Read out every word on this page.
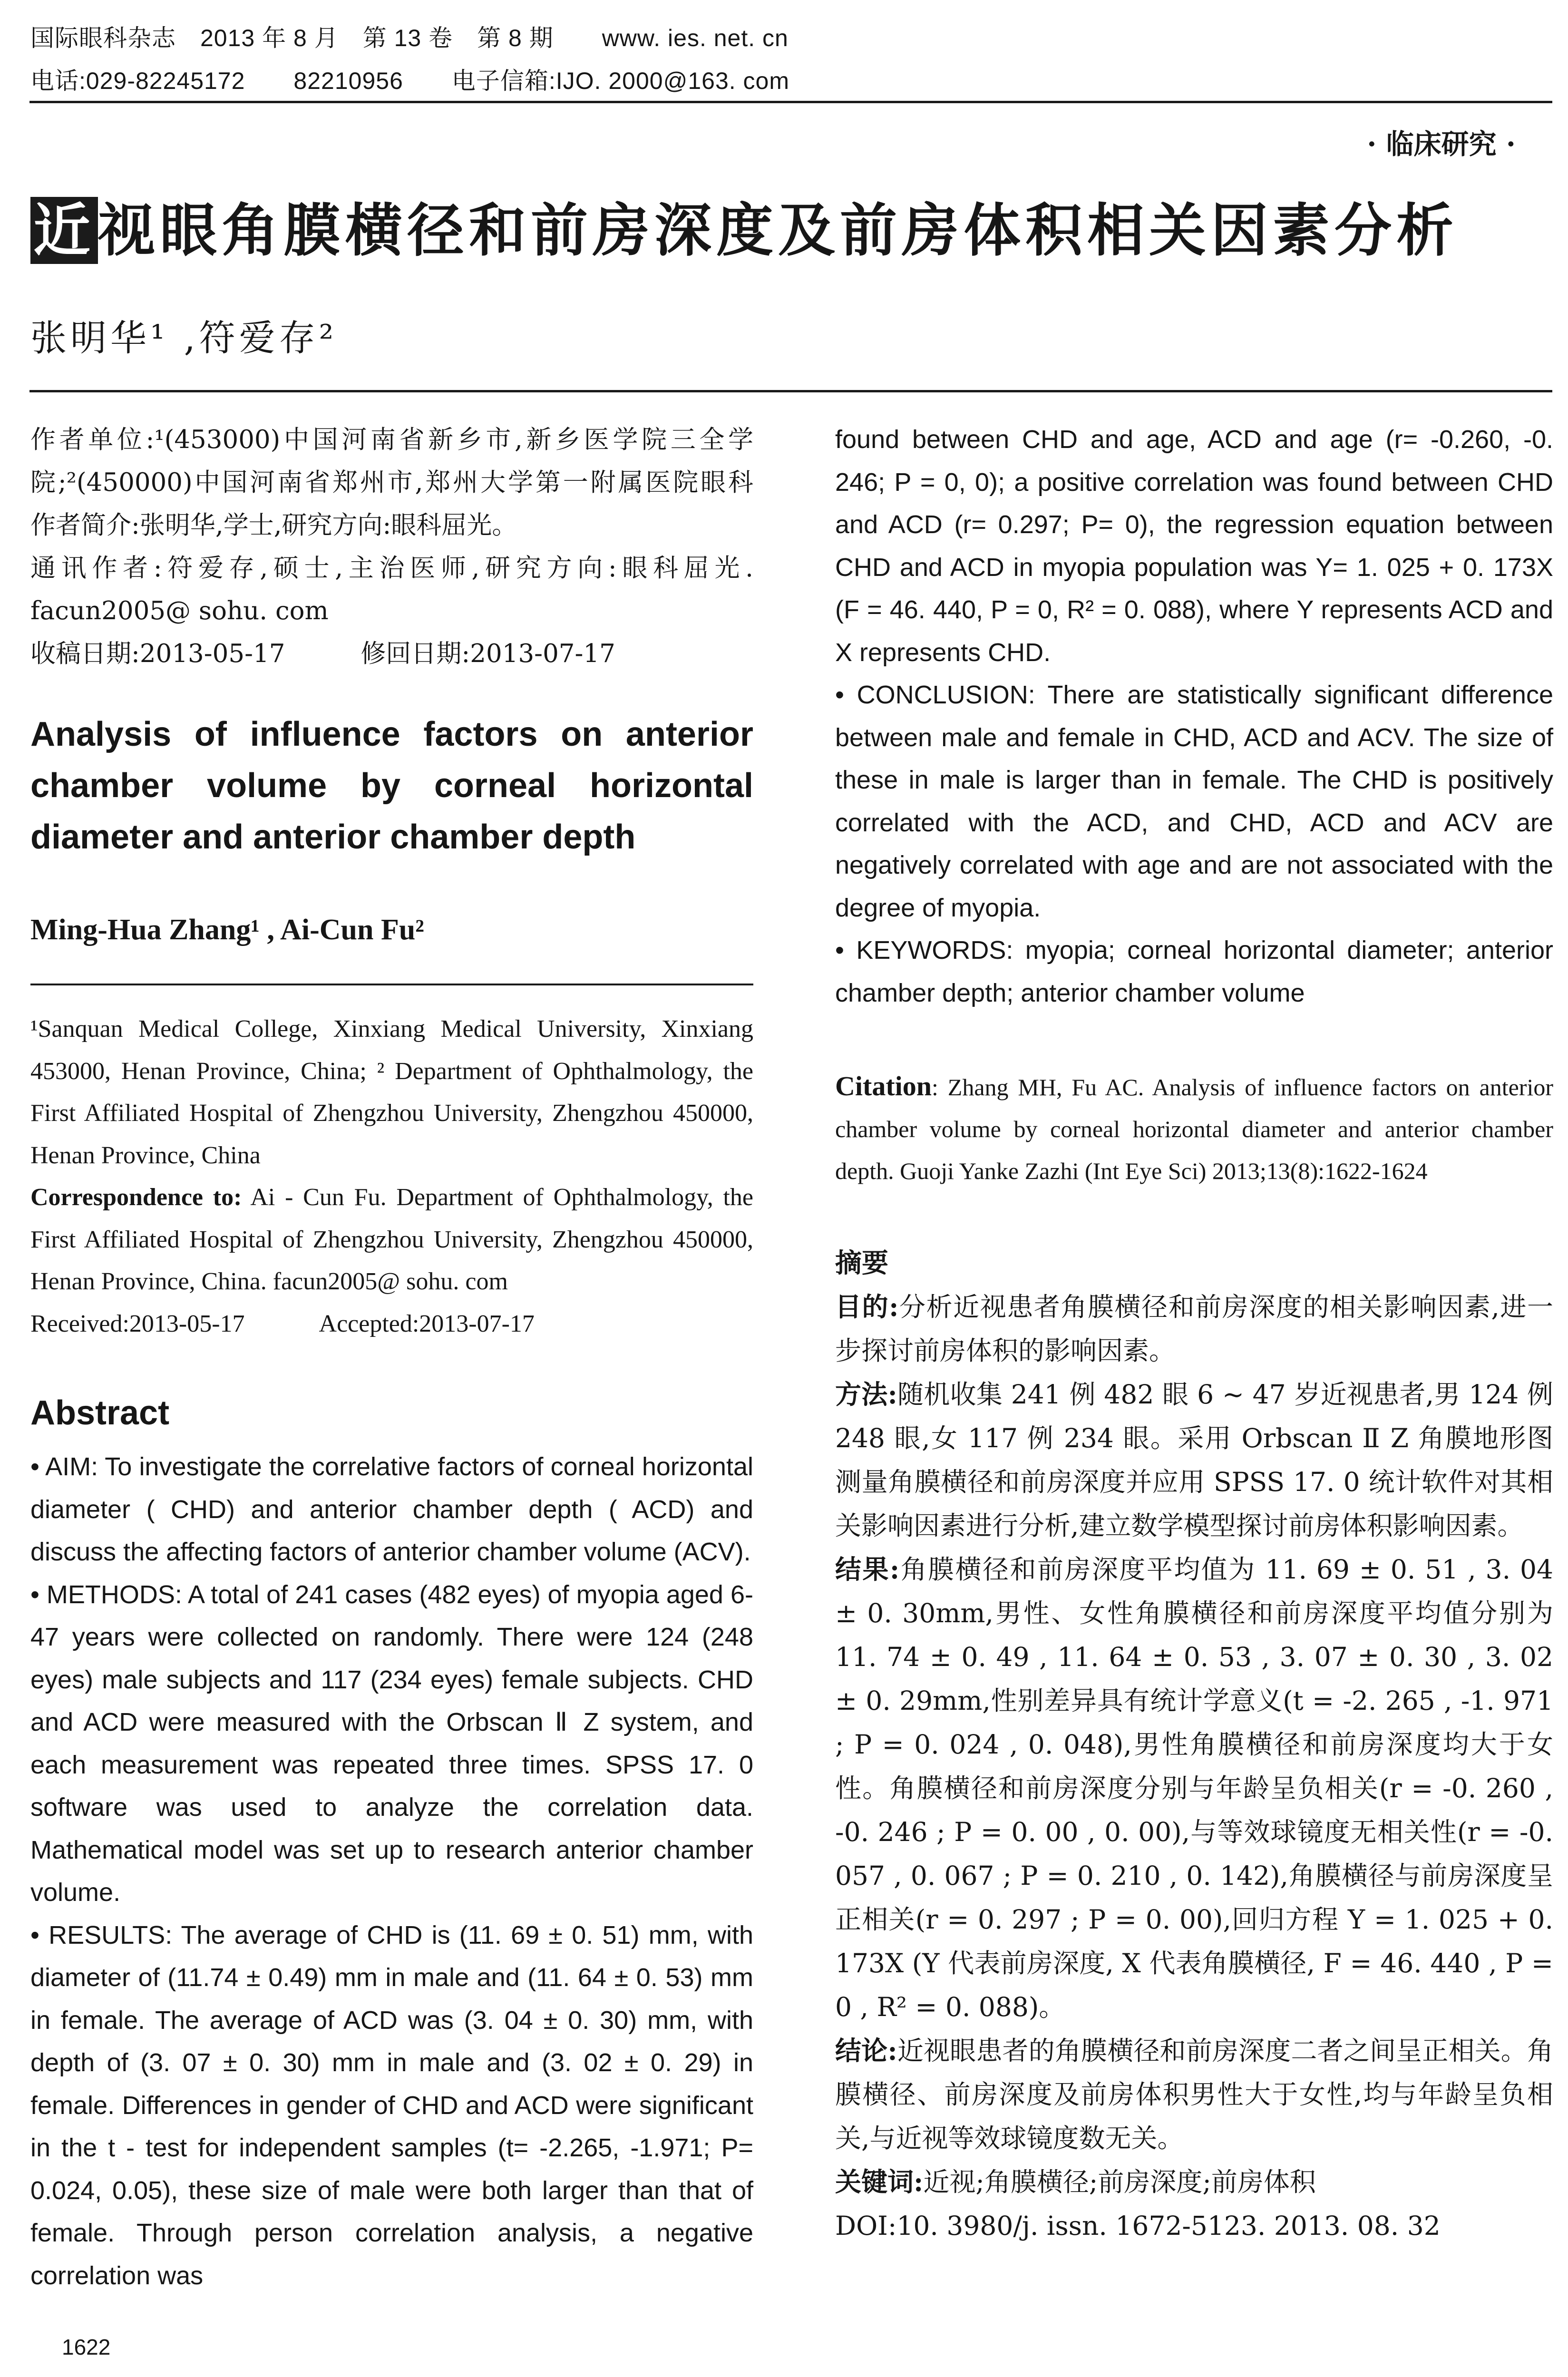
国际眼科杂志　2013 年 8 月　第 13 卷　第 8 期　　www. ies. net. cn
电话:029-82245172　　82210956　　电子信箱:IJO. 2000@163. com
· 临床研究 ·
近视眼角膜横径和前房深度及前房体积相关因素分析
张明华¹ ,符爱存²
作者单位:¹(453000)中国河南省新乡市,新乡医学院三全学
院;²(450000)中国河南省郑州市,郑州大学第一附属医院眼科
作者简介:张明华,学士,研究方向:眼科屈光。
通讯作者:符爱存,硕士,主治医师,研究方向:眼科屈光.
facun2005@ sohu. com
收稿日期:2013-05-17　　　修回日期:2013-07-17
Analysis of influence factors on anterior chamber volume by corneal horizontal diameter and anterior chamber depth
Ming-Hua Zhang¹ , Ai-Cun Fu²

¹Sanquan Medical College, Xinxiang Medical University, Xinxiang 453000, Henan Province, China; ² Department of Ophthalmology, the First Affiliated Hospital of Zhengzhou University, Zhengzhou 450000, Henan Province, China

Correspondence to: Ai - Cun Fu. Department of Ophthalmology, the First Affiliated Hospital of Zhengzhou University, Zhengzhou 450000, Henan Province, China. facun2005@ sohu. com

Received:2013-05-17　　　Accepted:2013-07-17

Abstract

• AIM: To investigate the correlative factors of corneal horizontal diameter ( CHD) and anterior chamber depth ( ACD) and discuss the affecting factors of anterior chamber volume (ACV).

• METHODS: A total of 241 cases (482 eyes) of myopia aged 6-47 years were collected on randomly. There were 124 (248 eyes) male subjects and 117 (234 eyes) female subjects. CHD and ACD were measured with the Orbscan Ⅱ Z system, and each measurement was repeated three times. SPSS 17. 0 software was used to analyze the correlation data. Mathematical model was set up to research anterior chamber volume.

• RESULTS: The average of CHD is (11. 69 ± 0. 51) mm, with diameter of (11.74 ± 0.49) mm in male and (11. 64 ± 0. 53) mm in female. The average of ACD was (3. 04 ± 0. 30) mm, with depth of (3. 07 ± 0. 30) mm in male and (3. 02 ± 0. 29) in female. Differences in gender of CHD and ACD were significant in the t - test for independent samples (t= -2.265, -1.971; P= 0.024, 0.05), these size of male were both larger than that of female. Through person correlation analysis, a negative correlation was

1622

found between CHD and age, ACD and age (r= -0.260, -0. 246; P = 0, 0); a positive correlation was found between CHD and ACD (r= 0.297; P= 0), the regression equation between CHD and ACD in myopia population was Y= 1. 025 + 0. 173X (F = 46. 440, P = 0, R² = 0. 088), where Y represents ACD and X represents CHD.

• CONCLUSION: There are statistically significant difference between male and female in CHD, ACD and ACV. The size of these in male is larger than in female. The CHD is positively correlated with the ACD, and CHD, ACD and ACV are negatively correlated with age and are not associated with the degree of myopia.

• KEYWORDS: myopia; corneal horizontal diameter; anterior chamber depth; anterior chamber volume

Citation: Zhang MH, Fu AC. Analysis of influence factors on anterior chamber volume by corneal horizontal diameter and anterior chamber depth. Guoji Yanke Zazhi (Int Eye Sci) 2013;13(8):1622-1624

摘要

目的:分析近视患者角膜横径和前房深度的相关影响因素,进一步探讨前房体积的影响因素。

方法:随机收集 241 例 482 眼 6 ~ 47 岁近视患者,男 124 例 248 眼,女 117 例 234 眼。采用 Orbscan Ⅱ Z 角膜地形图测量角膜横径和前房深度并应用 SPSS 17. 0 统计软件对其相关影响因素进行分析,建立数学模型探讨前房体积影响因素。

结果:角膜横径和前房深度平均值为 11. 69 ± 0. 51 , 3. 04 ± 0. 30mm,男性、女性角膜横径和前房深度平均值分别为 11. 74 ± 0. 49 , 11. 64 ± 0. 53 , 3. 07 ± 0. 30 , 3. 02 ± 0. 29mm,性别差异具有统计学意义(t = -2. 265 , -1. 971 ; P = 0. 024 , 0. 048),男性角膜横径和前房深度均大于女性。角膜横径和前房深度分别与年龄呈负相关(r = -0. 260 , -0. 246 ; P = 0. 00 , 0. 00),与等效球镜度无相关性(r = -0. 057 , 0. 067 ; P = 0. 210 , 0. 142),角膜横径与前房深度呈正相关(r = 0. 297 ; P = 0. 00),回归方程 Y = 1. 025 + 0. 173X (Y 代表前房深度, X 代表角膜横径, F = 46. 440 , P = 0 , R² = 0. 088)。

结论:近视眼患者的角膜横径和前房深度二者之间呈正相关。角膜横径、前房深度及前房体积男性大于女性,均与年龄呈负相关,与近视等效球镜度数无关。

关键词:近视;角膜横径;前房深度;前房体积

DOI:10. 3980/j. issn. 1672-5123. 2013. 08. 32
